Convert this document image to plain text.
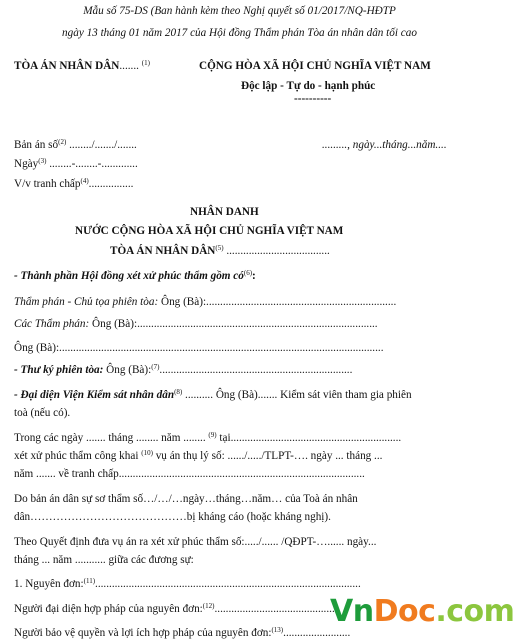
Mẫu số 75-DS (Ban hành kèm theo Nghị quyết số 01/2017/NQ-HĐTP
ngày 13 tháng 01 năm 2017 của Hội đồng Thẩm phán Tòa án nhân dân tối cao
TÒA ÁN NHÂN DÂN....... $^{(1)}$	CỘNG HÒA XÃ HỘI CHỦ NGHĨA VIỆT NAM
Độc lập - Tự do - hạnh phúc
----------
Bản án số$^{(2)}$ ......../......./.......	........., ngày...tháng...năm....
Ngày$^{(3)}$ ........-........-.............
V/v tranh chấp$^{(4)}$................
NHÂN DANH
NƯỚC CỘNG HÒA XÃ HỘI CHỦ NGHĨA VIỆT NAM
TÒA ÁN NHÂN DÂN$^{(5)}$ .....................................
- Thành phần Hội đồng xét xử phúc thẩm gồm $có^{(6)}$:
Thẩm phán - Chủ tọa phiên tòa: Ông (Bà):....................................................................
Các Thẩm phán: Ông (Bà):......................................................................................
Ông (Bà):....................................................................................................................
- Thư ký phiên tòa: Ông (Bà):$^{(7)}$.....................................................................
- Đại diện Viện Kiểm sát nhân dân$^{(8)}$ .......... Ông (Bà)....... Kiểm sát viên tham gia phiên
toà (nếu có).
Trong các ngày ....... tháng ........ năm ........ $^{(9)}$ tại.............................................................
xét xử phúc thẩm công khai $^{(10)}$ vụ án thụ lý số: ....../...../TLPT-…. ngày ... tháng ...
năm ....... về tranh chấp........................................................................................
Do bản án dân sự sơ thẩm số…/…/…ngày…tháng…năm… của Toà án nhân
dân……………………………………bị kháng cáo (hoặc kháng nghị).
Theo Quyết định đưa vụ án ra xét xử phúc thẩm số:...../...... /QĐPT-…...... ngày...
tháng ... năm ........... giữa các đương sự:
1. Nguyên đơn:$^{(11)}$...............................................................................................
Người đại diện hợp pháp của nguyên đơn:$^{(12)}$...........................................
Người bảo vệ quyền và lợi ích hợp pháp của nguyên đơn:$^{(13)}$........................
VnDoc.com
